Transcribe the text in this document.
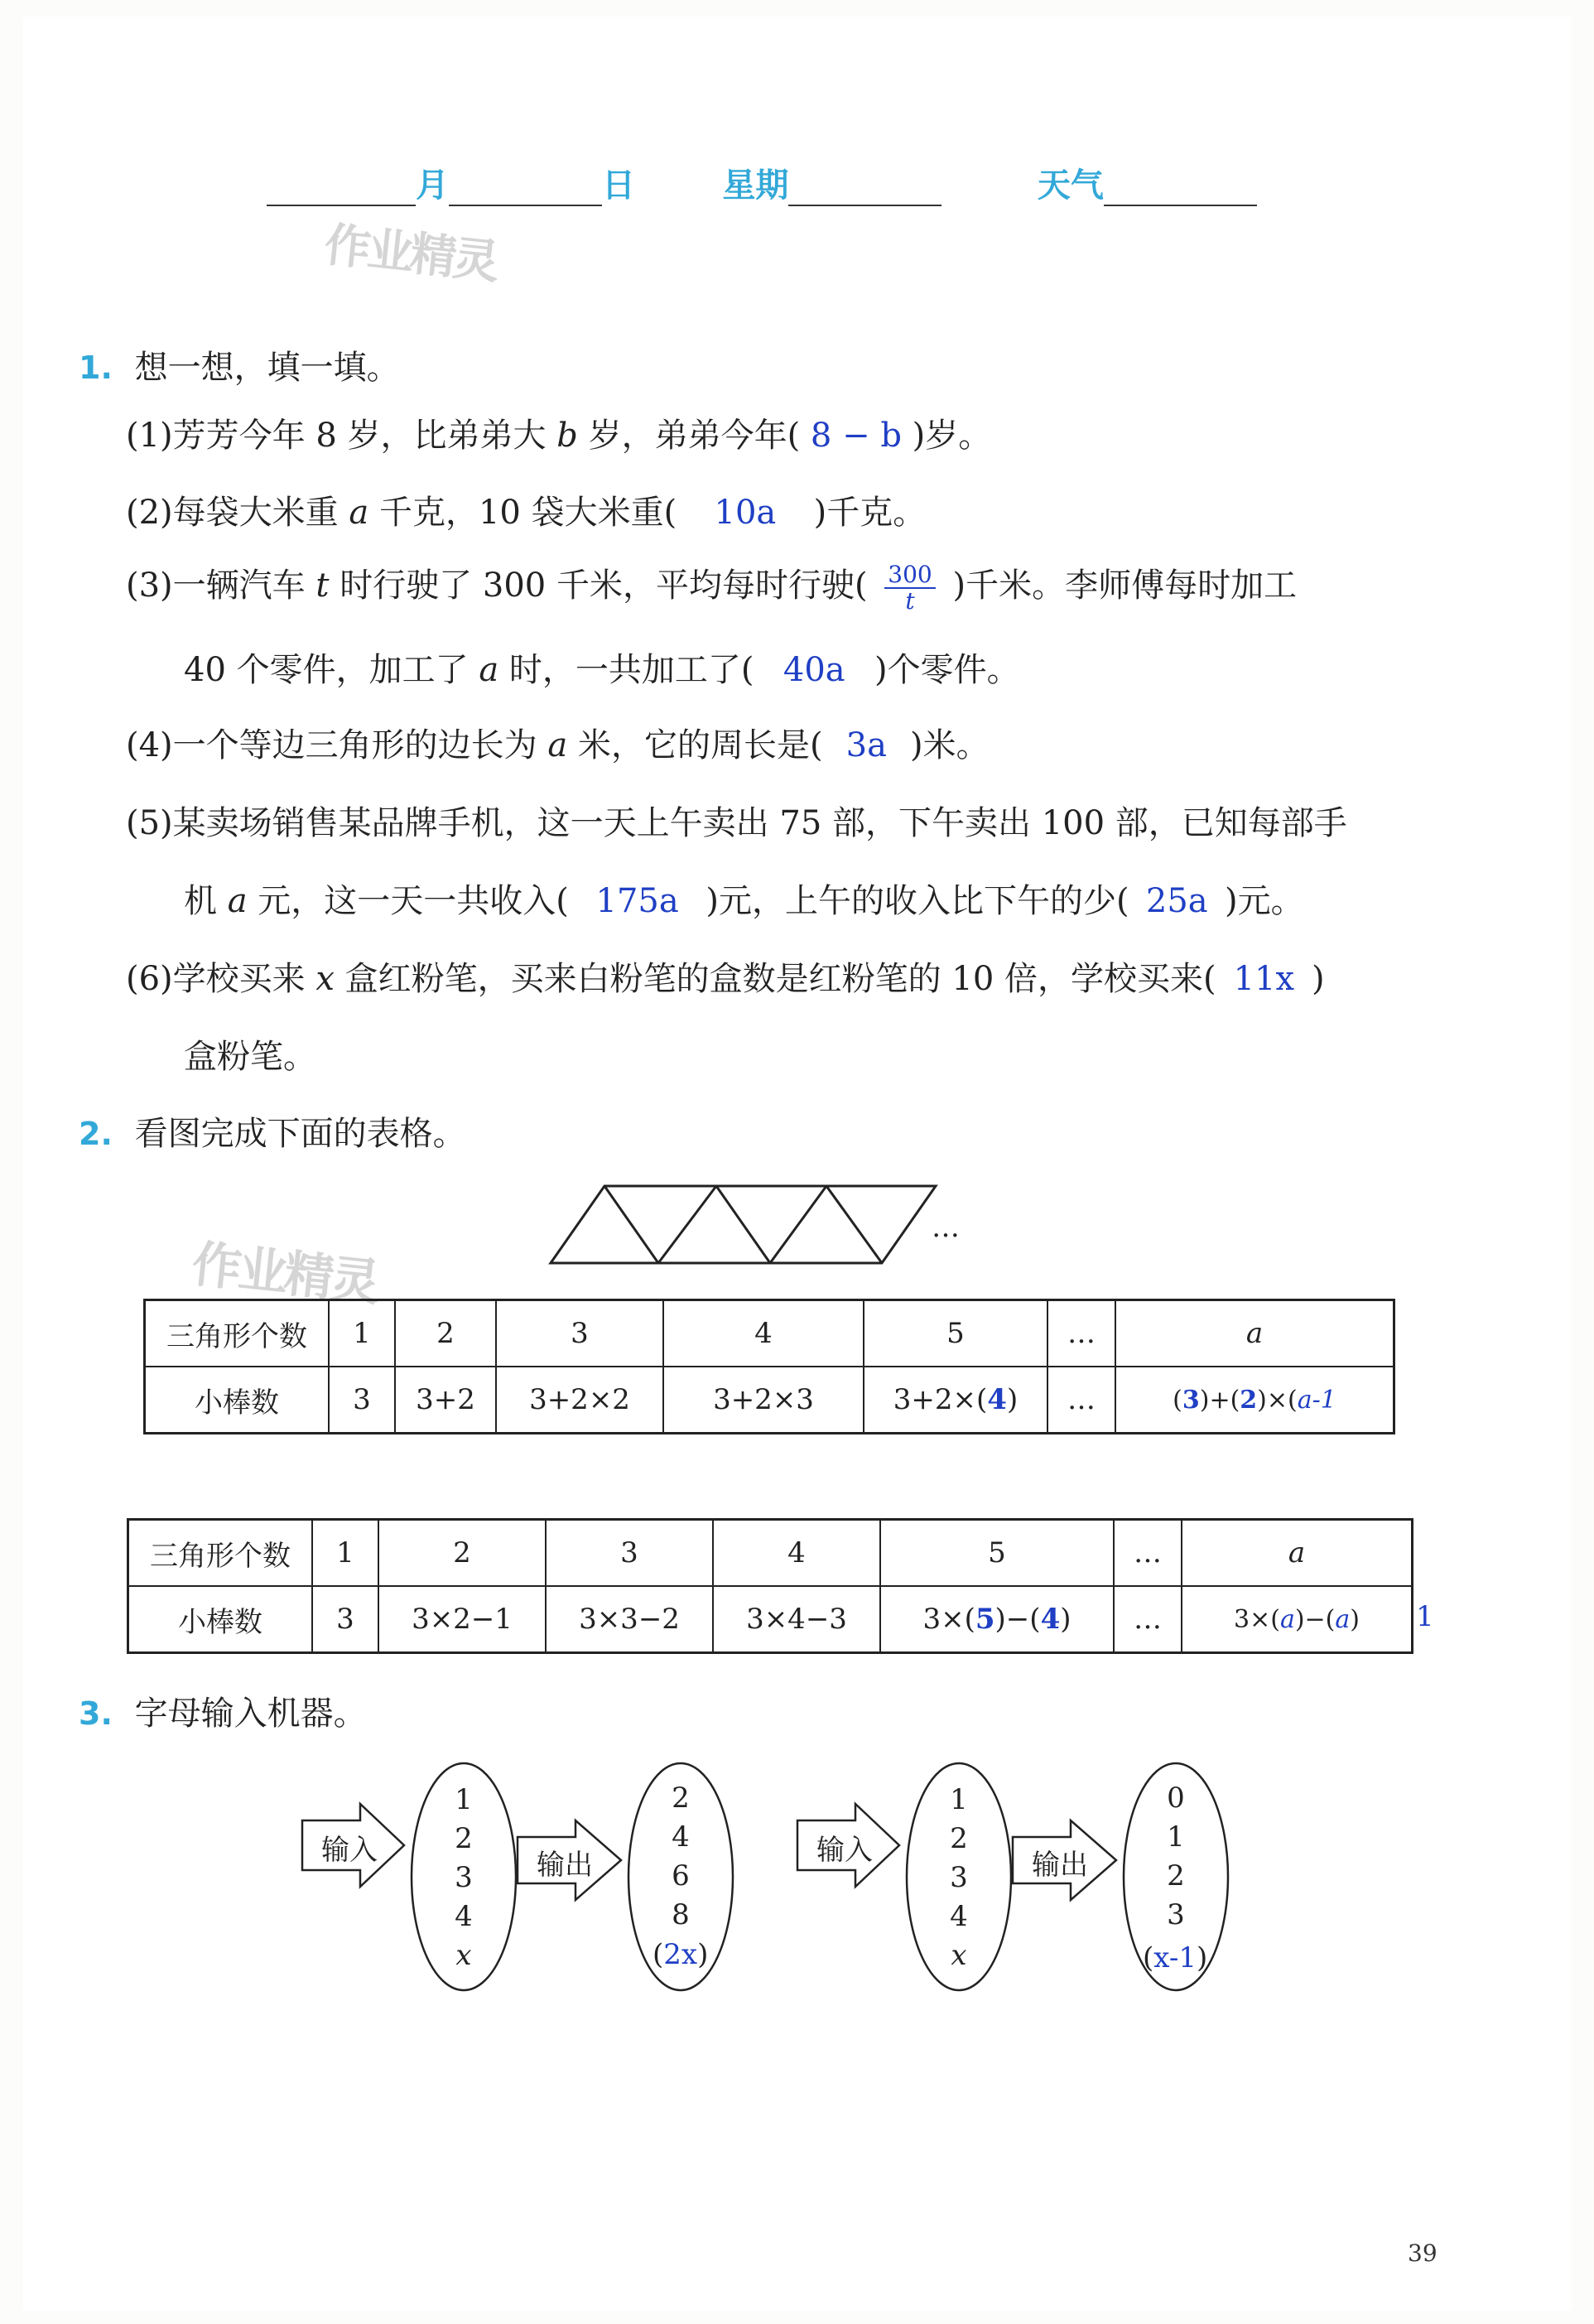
月	日	星期	天气
作业精灵
1. 想一想，填一填。
(1)芳芳今年 8 岁，比弟弟大 b 岁，弟弟今年( 8 − b )岁。
(2)每袋大米重 a 千克，10 袋大米重( 10a )千克。
(3)一辆汽车 t 时行驶了 300 千米，平均每时行驶( $\frac{300}{t}$ )千米。李师傅每时加工
40 个零件，加工了 a 时，一共加工了( 40a )个零件。
(4)一个等边三角形的边长为 a 米，它的周长是( 3a )米。
(5)某卖场销售某品牌手机，这一天上午卖出 75 部，下午卖出 100 部，已知每部手
机 a 元，这一天一共收入( 175a )元，上午的收入比下午的少( 25a )元。
(6)学校买来 x 盒红粉笔，买来白粉笔的盒数是红粉笔的 10 倍，学校买来( 11x )
盒粉笔。
2. 看图完成下面的表格。
…
作业精灵
三角形个数	1	2	3	4	5	…	a
小棒数	3	3+2	3+2×2	3+2×3	3+2×(4)	…	(3)+(2)×(a-1
三角形个数	1	2	3	4	5	…	a
小棒数	3	3×2−1	3×3−2	3×4−3	3×(5)−(4)	…	3×(a)−(a) 1
3. 字母输入机器。
输入	输出
1
2
3
4
x
2
4
6
8
(2x)
输入	输出
1
2
3
4
x
0
1
2
3
(x-1)
39
